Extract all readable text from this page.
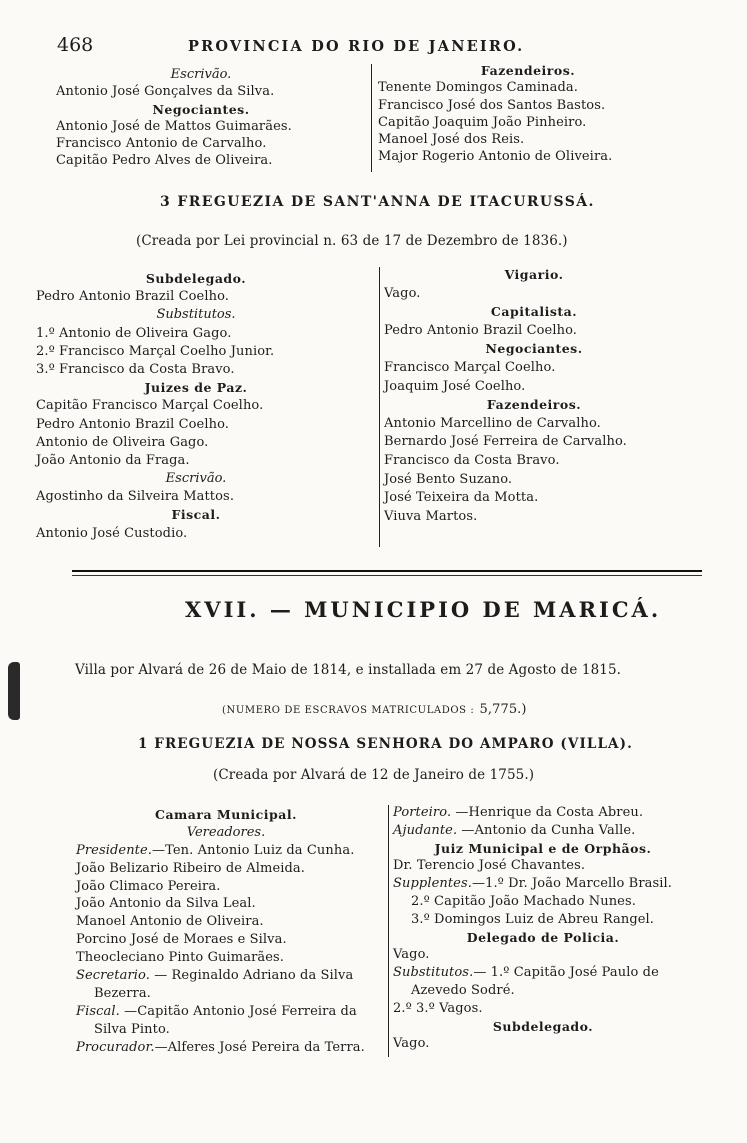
468	PROVINCIA DO RIO DE JANEIRO.
Escrivão.
Antonio José Gonçalves da Silva.
Negociantes.
Antonio José de Mattos Guimarães.
Francisco Antonio de Carvalho.
Capitão Pedro Alves de Oliveira.
Fazendeiros.
Tenente Domingos Caminada.
Francisco José dos Santos Bastos.
Capitão Joaquim João Pinheiro.
Manoel José dos Reis.
Major Rogerio Antonio de Oliveira.
3 FREGUEZIA DE SANT'ANNA DE ITACURUSSÁ.
(Creada por Lei provincial n. 63 de 17 de Dezembro de 1836.)
Subdelegado.
Pedro Antonio Brazil Coelho.
Substitutos.
1.º Antonio de Oliveira Gago.
2.º Francisco Marçal Coelho Junior.
3.º Francisco da Costa Bravo.
Juizes de Paz.
Capitão Francisco Marçal Coelho.
Pedro Antonio Brazil Coelho.
Antonio de Oliveira Gago.
João Antonio da Fraga.
Escrivão.
Agostinho da Silveira Mattos.
Fiscal.
Antonio José Custodio.
Vigario.
Vago.
Capitalista.
Pedro Antonio Brazil Coelho.
Negociantes.
Francisco Marçal Coelho.
Joaquim José Coelho.
Fazendeiros.
Antonio Marcellino de Carvalho.
Bernardo José Ferreira de Carvalho.
Francisco da Costa Bravo.
José Bento Suzano.
José Teixeira da Motta.
Viuva Martos.
XVII. — MUNICIPIO DE MARICÁ.
Villa por Alvará de 26 de Maio de 1814, e installada em 27 de Agosto de 1815.
(NUMERO DE ESCRAVOS MATRICULADOS : 5,775.)
1 FREGUEZIA DE NOSSA SENHORA DO AMPARO (VILLA).
(Creada por Alvará de 12 de Janeiro de 1755.)
Camara Municipal.
Vereadores.
Presidente.—Ten. Antonio Luiz da Cunha.
João Belizario Ribeiro de Almeida.
João Climaco Pereira.
João Antonio da Silva Leal.
Manoel Antonio de Oliveira.
Porcino José de Moraes e Silva.
Theocleciano Pinto Guimarães.
Secretario. — Reginaldo Adriano da Silva
Bezerra.
Fiscal. —Capitão Antonio José Ferreira da
Silva Pinto.
Procurador.—Alferes José Pereira da Terra.
Porteiro. —Henrique da Costa Abreu.
Ajudante. —Antonio da Cunha Valle.
Juiz Municipal e de Orphãos.
Dr. Terencio José Chavantes.
Supplentes.—1.º Dr. João Marcello Brasil.
2.º Capitão João Machado Nunes.
3.º Domingos Luiz de Abreu Rangel.
Delegado de Policia.
Vago.
Substitutos.— 1.º Capitão José Paulo de
Azevedo Sodré.
2.º 3.º Vagos.
Subdelegado.
Vago.
